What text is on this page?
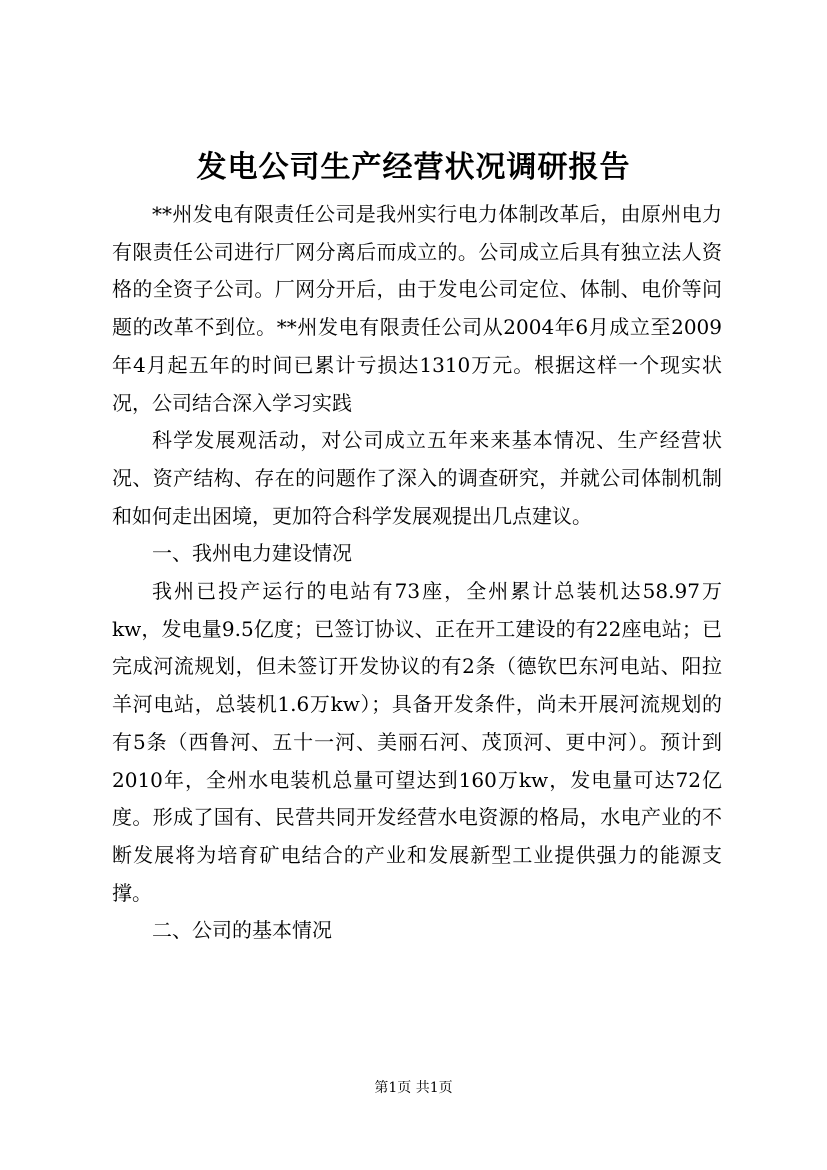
发电公司生产经营状况调研报告

**州发电有限责任公司是我州实行电力体制改革后，由原州电力有限责任公司进行厂网分离后而成立的。公司成立后具有独立法人资格的全资子公司。厂网分开后，由于发电公司定位、体制、电价等问题的改革不到位。**州发电有限责任公司从2004年6月成立至2009年4月起五年的时间已累计亏损达1310万元。根据这样一个现实状况，公司结合深入学习实践

科学发展观活动，对公司成立五年来来基本情况、生产经营状况、资产结构、存在的问题作了深入的调查研究，并就公司体制机制和如何走出困境，更加符合科学发展观提出几点建议。

一、我州电力建设情况

我州已投产运行的电站有73座，全州累计总装机达58.97万kw，发电量9.5亿度；已签订协议、正在开工建设的有22座电站；已完成河流规划，但未签订开发协议的有2条（德钦巴东河电站、阳拉羊河电站，总装机1.6万kw）；具备开发条件，尚未开展河流规划的有5条（西鲁河、五十一河、美丽石河、茂顶河、更中河）。预计到2010年，全州水电装机总量可望达到160万kw，发电量可达72亿度。形成了国有、民营共同开发经营水电资源的格局，水电产业的不断发展将为培育矿电结合的产业和发展新型工业提供强力的能源支撑。

二、公司的基本情况

第1页 共1页
